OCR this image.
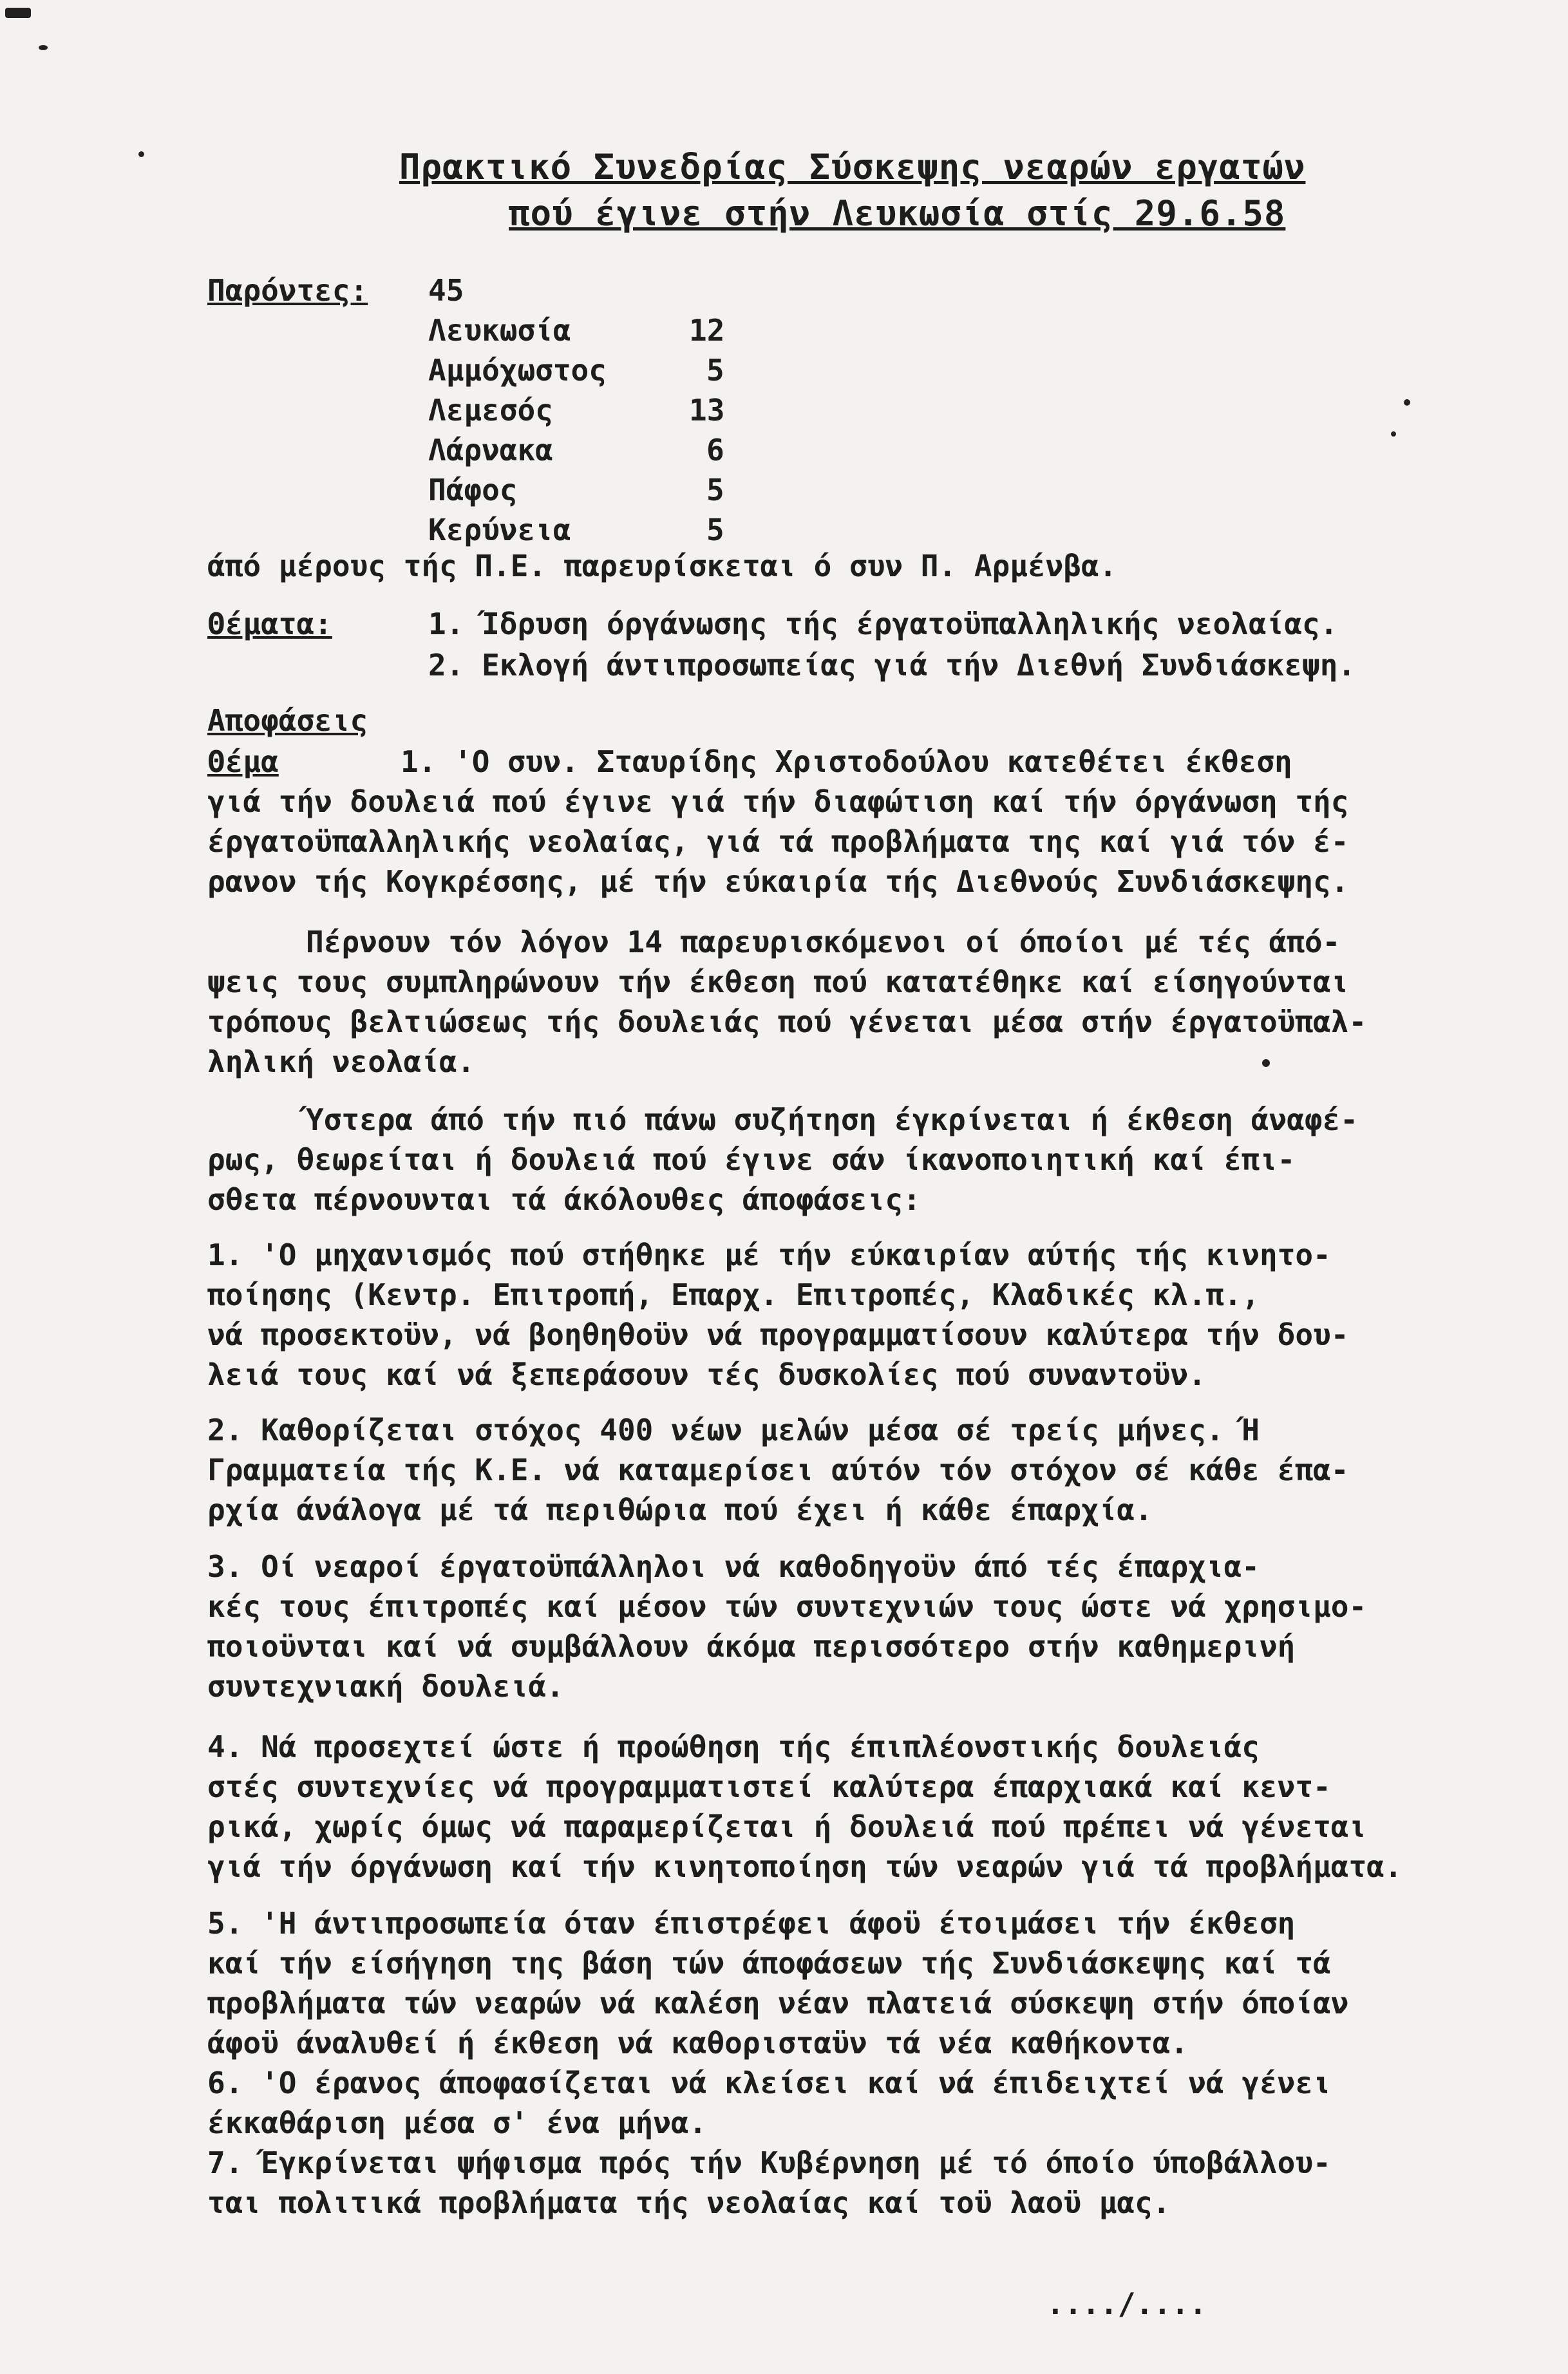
Πρακτικό Συνεδρίας Σύσκεψης νεαρών εργατών
πού έγινε στήν Λευκωσία στίς 29.6.58
Παρόντες: 45
Λευκωσία	12
Αμμόχωστος	5
Λεμεσός	13
Λάρνακα	6
Πάφος	5
Κερύνεια	5
άπό μέρους τής Π.Ε. παρευρίσκεται ό συν Π. Αρμένβα.
Θέματα:	1. Ίδρυση όργάνωσης τής έργατοϋπαλληλικής νεολαίας.
2. Εκλογή άντιπροσωπείας γιά τήν Διεθνή Συνδιάσκεψη.
Αποφάσεις
Θέμα	1. 'Ο συν. Σταυρίδης Χριστοδούλου κατεθέτει έκθεση
γιά τήν δουλειά πού έγινε γιά τήν διαφώτιση καί τήν όργάνωση τής
έργατοϋπαλληλικής νεολαίας, γιά τά προβλήματα της καί γιά τόν έ-
ρανον τής Κογκρέσσης, μέ τήν εύκαιρία τής Διεθνούς Συνδιάσκεψης.
Πέρνουν τόν λόγον 14 παρευρισκόμενοι οί όποίοι μέ τές άπό-
ψεις τους συμπληρώνουν τήν έκθεση πού κατατέθηκε καί είσηγούνται
τρόπους βελτιώσεως τής δουλειάς πού γένεται μέσα στήν έργατοϋπαλ-
ληλική νεολαία.
Ύστερα άπό τήν πιό πάνω συζήτηση έγκρίνεται ή έκθεση άναφέ-
ρως, θεωρείται ή δουλειά πού έγινε σάν ίκανοποιητική καί έπι-
σθετα πέρνουνται τά άκόλουθες άποφάσεις:
1. 'Ο μηχανισμός πού στήθηκε μέ τήν εύκαιρίαν αύτής τής κινητο-
ποίησης (Κεντρ. Επιτροπή, Επαρχ. Επιτροπές, Κλαδικές κλ.π.,
νά προσεκτοϋν, νά βοηθηθοϋν νά προγραμματίσουν καλύτερα τήν δου-
λειά τους καί νά ξεπεράσουν τές δυσκολίες πού συναντοϋν.
2. Καθορίζεται στόχος 400 νέων μελών μέσα σέ τρείς μήνες. Ή
Γραμματεία τής Κ.Ε. νά καταμερίσει αύτόν τόν στόχον σέ κάθε έπα-
ρχία άνάλογα μέ τά περιθώρια πού έχει ή κάθε έπαρχία.
3. Οί νεαροί έργατοϋπάλληλοι νά καθοδηγοϋν άπό τές έπαρχια-
κές τους έπιτροπές καί μέσον τών συντεχνιών τους ώστε νά χρησιμο-
ποιοϋνται καί νά συμβάλλουν άκόμα περισσότερο στήν καθημερινή
συντεχνιακή δουλειά.
4. Νά προσεχτεί ώστε ή προώθηση τής έπιπλέονστικής δουλειάς
στές συντεχνίες νά προγραμματιστεί καλύτερα έπαρχιακά καί κεντ-
ρικά, χωρίς όμως νά παραμερίζεται ή δουλειά πού πρέπει νά γένεται
γιά τήν όργάνωση καί τήν κινητοποίηση τών νεαρών γιά τά προβλήματα.
5. 'Η άντιπροσωπεία όταν έπιστρέφει άφοϋ έτοιμάσει τήν έκθεση
καί τήν είσήγηση της βάση τών άποφάσεων τής Συνδιάσκεψης καί τά
προβλήματα τών νεαρών νά καλέση νέαν πλατειά σύσκεψη στήν όποίαν
άφοϋ άναλυθεί ή έκθεση νά καθορισταϋν τά νέα καθήκοντα.
6. 'Ο έρανος άποφασίζεται νά κλείσει καί νά έπιδειχτεί νά γένει
έκκαθάριση μέσα σ' ένα μήνα.
7. Έγκρίνεται ψήφισμα πρός τήν Κυβέρνηση μέ τό όποίο ύποβάλλου-
ται πολιτικά προβλήματα τής νεολαίας καί τοϋ λαοϋ μας.
..../....
